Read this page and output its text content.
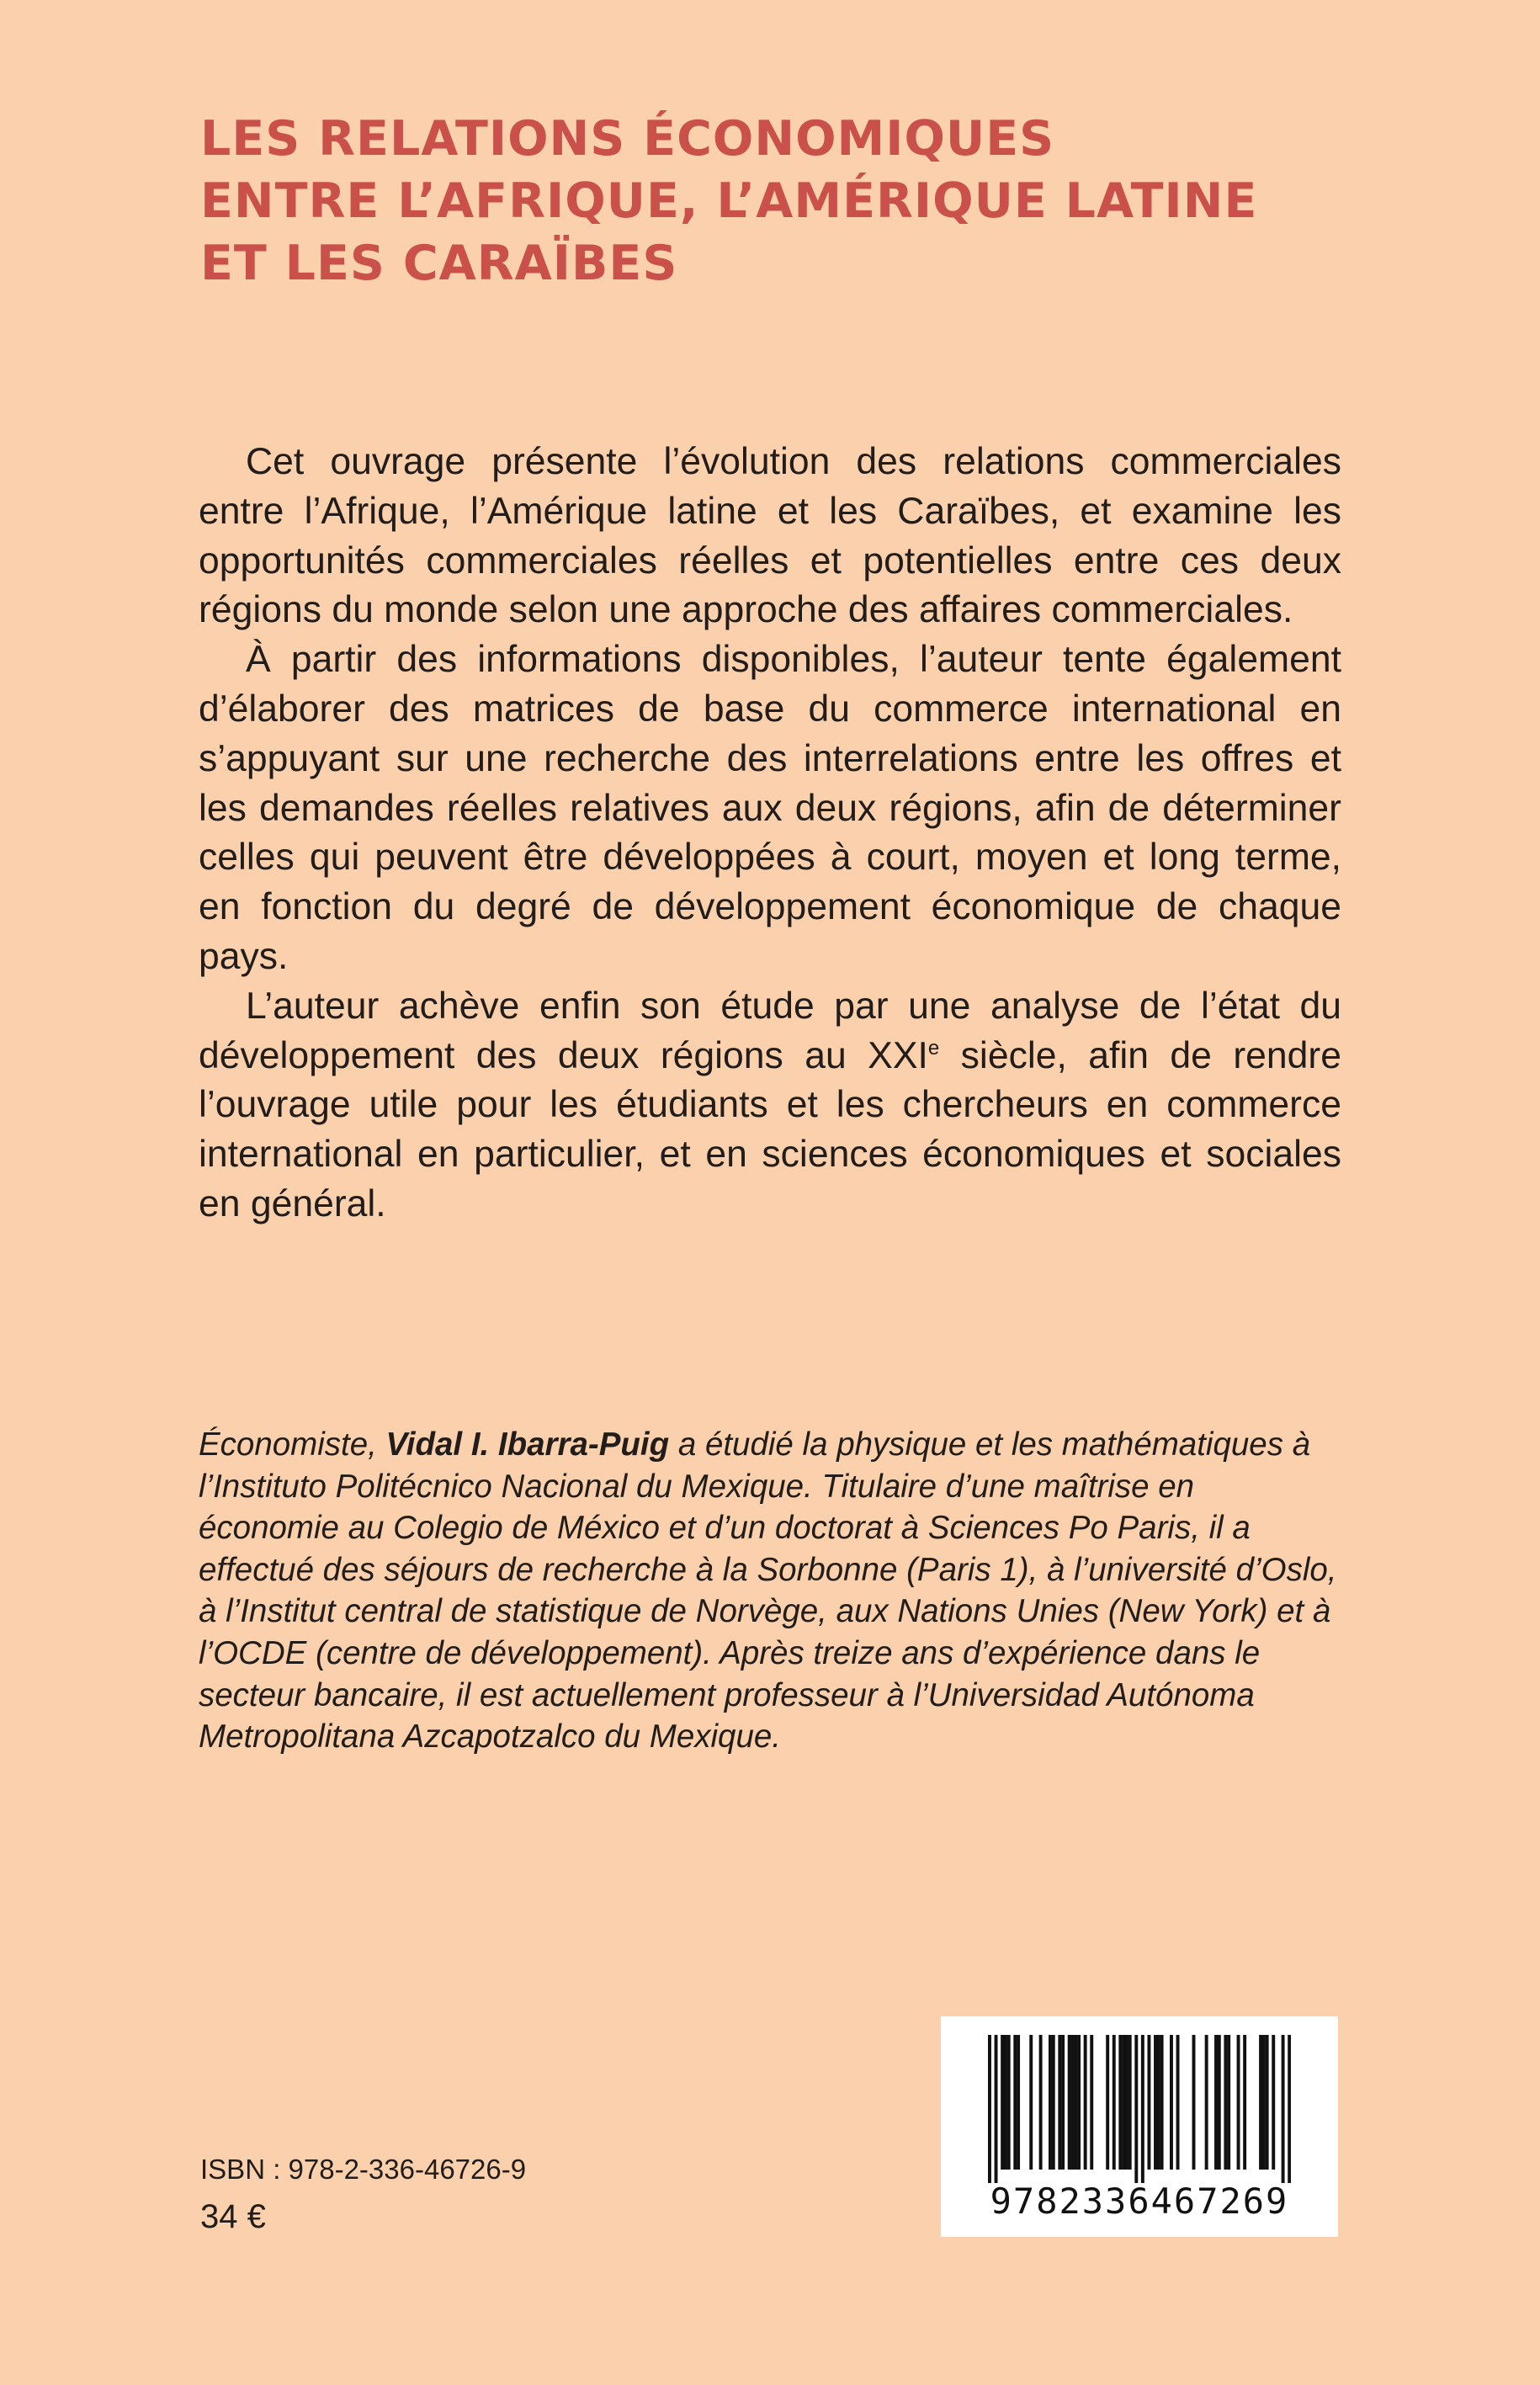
LES RELATIONS ÉCONOMIQUES
ENTRE L’AFRIQUE, L’AMÉRIQUE LATINE
ET LES CARAÏBES

Cet ouvrage présente l’évolution des relations commerciales entre l’Afrique, l’Amérique latine et les Caraïbes, et examine les opportunités commerciales réelles et potentielles entre ces deux régions du monde selon une approche des affaires commerciales.

À partir des informations disponibles, l’auteur tente également d’élaborer des matrices de base du commerce international en s’appuyant sur une recherche des interrelations entre les offres et les demandes réelles relatives aux deux régions, afin de déterminer celles qui peuvent être développées à court, moyen et long terme, en fonction du degré de développement économique de chaque pays.

L’auteur achève enfin son étude par une analyse de l’état du développement des deux régions au XXIe siècle, afin de rendre l’ouvrage utile pour les étudiants et les chercheurs en commerce international en particulier, et en sciences économiques et sociales en général.

Économiste, Vidal I. Ibarra-Puig a étudié la physique et les mathématiques à l’Instituto Politécnico Nacional du Mexique. Titulaire d’une maîtrise en économie au Colegio de México et d’un doctorat à Sciences Po Paris, il a effectué des séjours de recherche à la Sorbonne (Paris 1), à l’université d’Oslo, à l’Institut central de statistique de Norvège, aux Nations Unies (New York) et à l’OCDE (centre de développement). Après treize ans d’expérience dans le secteur bancaire, il est actuellement professeur à l’Universidad Autónoma Metropolitana Azcapotzalco du Mexique.

ISBN : 978-2-336-46726-9
34 €	9782336467269
